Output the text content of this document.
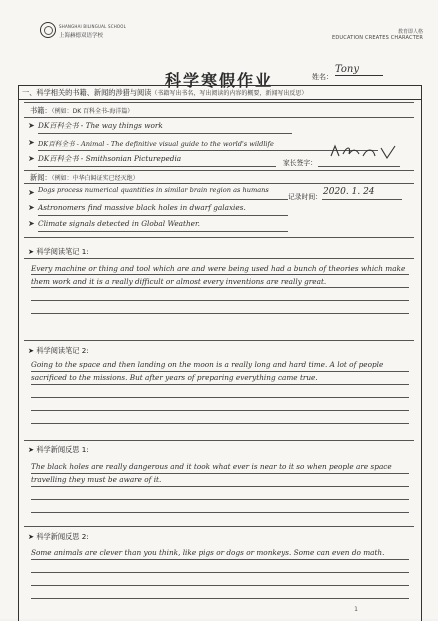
SHANGHAI BILINGUAL SCHOOL
上海赫德双语学校
教育即人格
EDUCATION CREATES CHARACTER
科学寒假作业	姓名：
Tony
一、科学相关的书籍、新闻的涉猎与阅读（书籍写出书名，写出阅读的内容的概要，新闻写出反思）
书籍：（例如：DK 百科全书-海洋篇）
➤ DK百科全书 - The way things work
➤ DK百科全书 - Animal - The definitive visual guide to the world's wildlife
➤ DK百科全书 - Smithsonian Picturepedia	家长签字：
新闻：（例如：中华白鲟证实已经灭绝）
➤ Dogs process numerical quantities in similar brain region as humans
记录时间： 2020. 1. 24
➤ Astronomers find massive black holes in dwarf galaxies.
➤ Climate signals detected in Global Weather.
➤ 科学阅读笔记 1:
Every machine or thing and tool which are and were being used had a bunch of theories which make them work and it is a really difficult or almost every inventions are really great.
➤ 科学阅读笔记 2:
Going to the space and then landing on the moon is a really long and hard time. A lot of people sacrificed to the missions. But after years of preparing everything came true.
➤ 科学新闻反思 1:
The black holes are really dangerous and it took what ever is near to it so when people are space travelling they must be aware of it.
➤ 科学新闻反思 2:
Some animals are clever than you think, like pigs or dogs or monkeys. Some can even do math.
1
